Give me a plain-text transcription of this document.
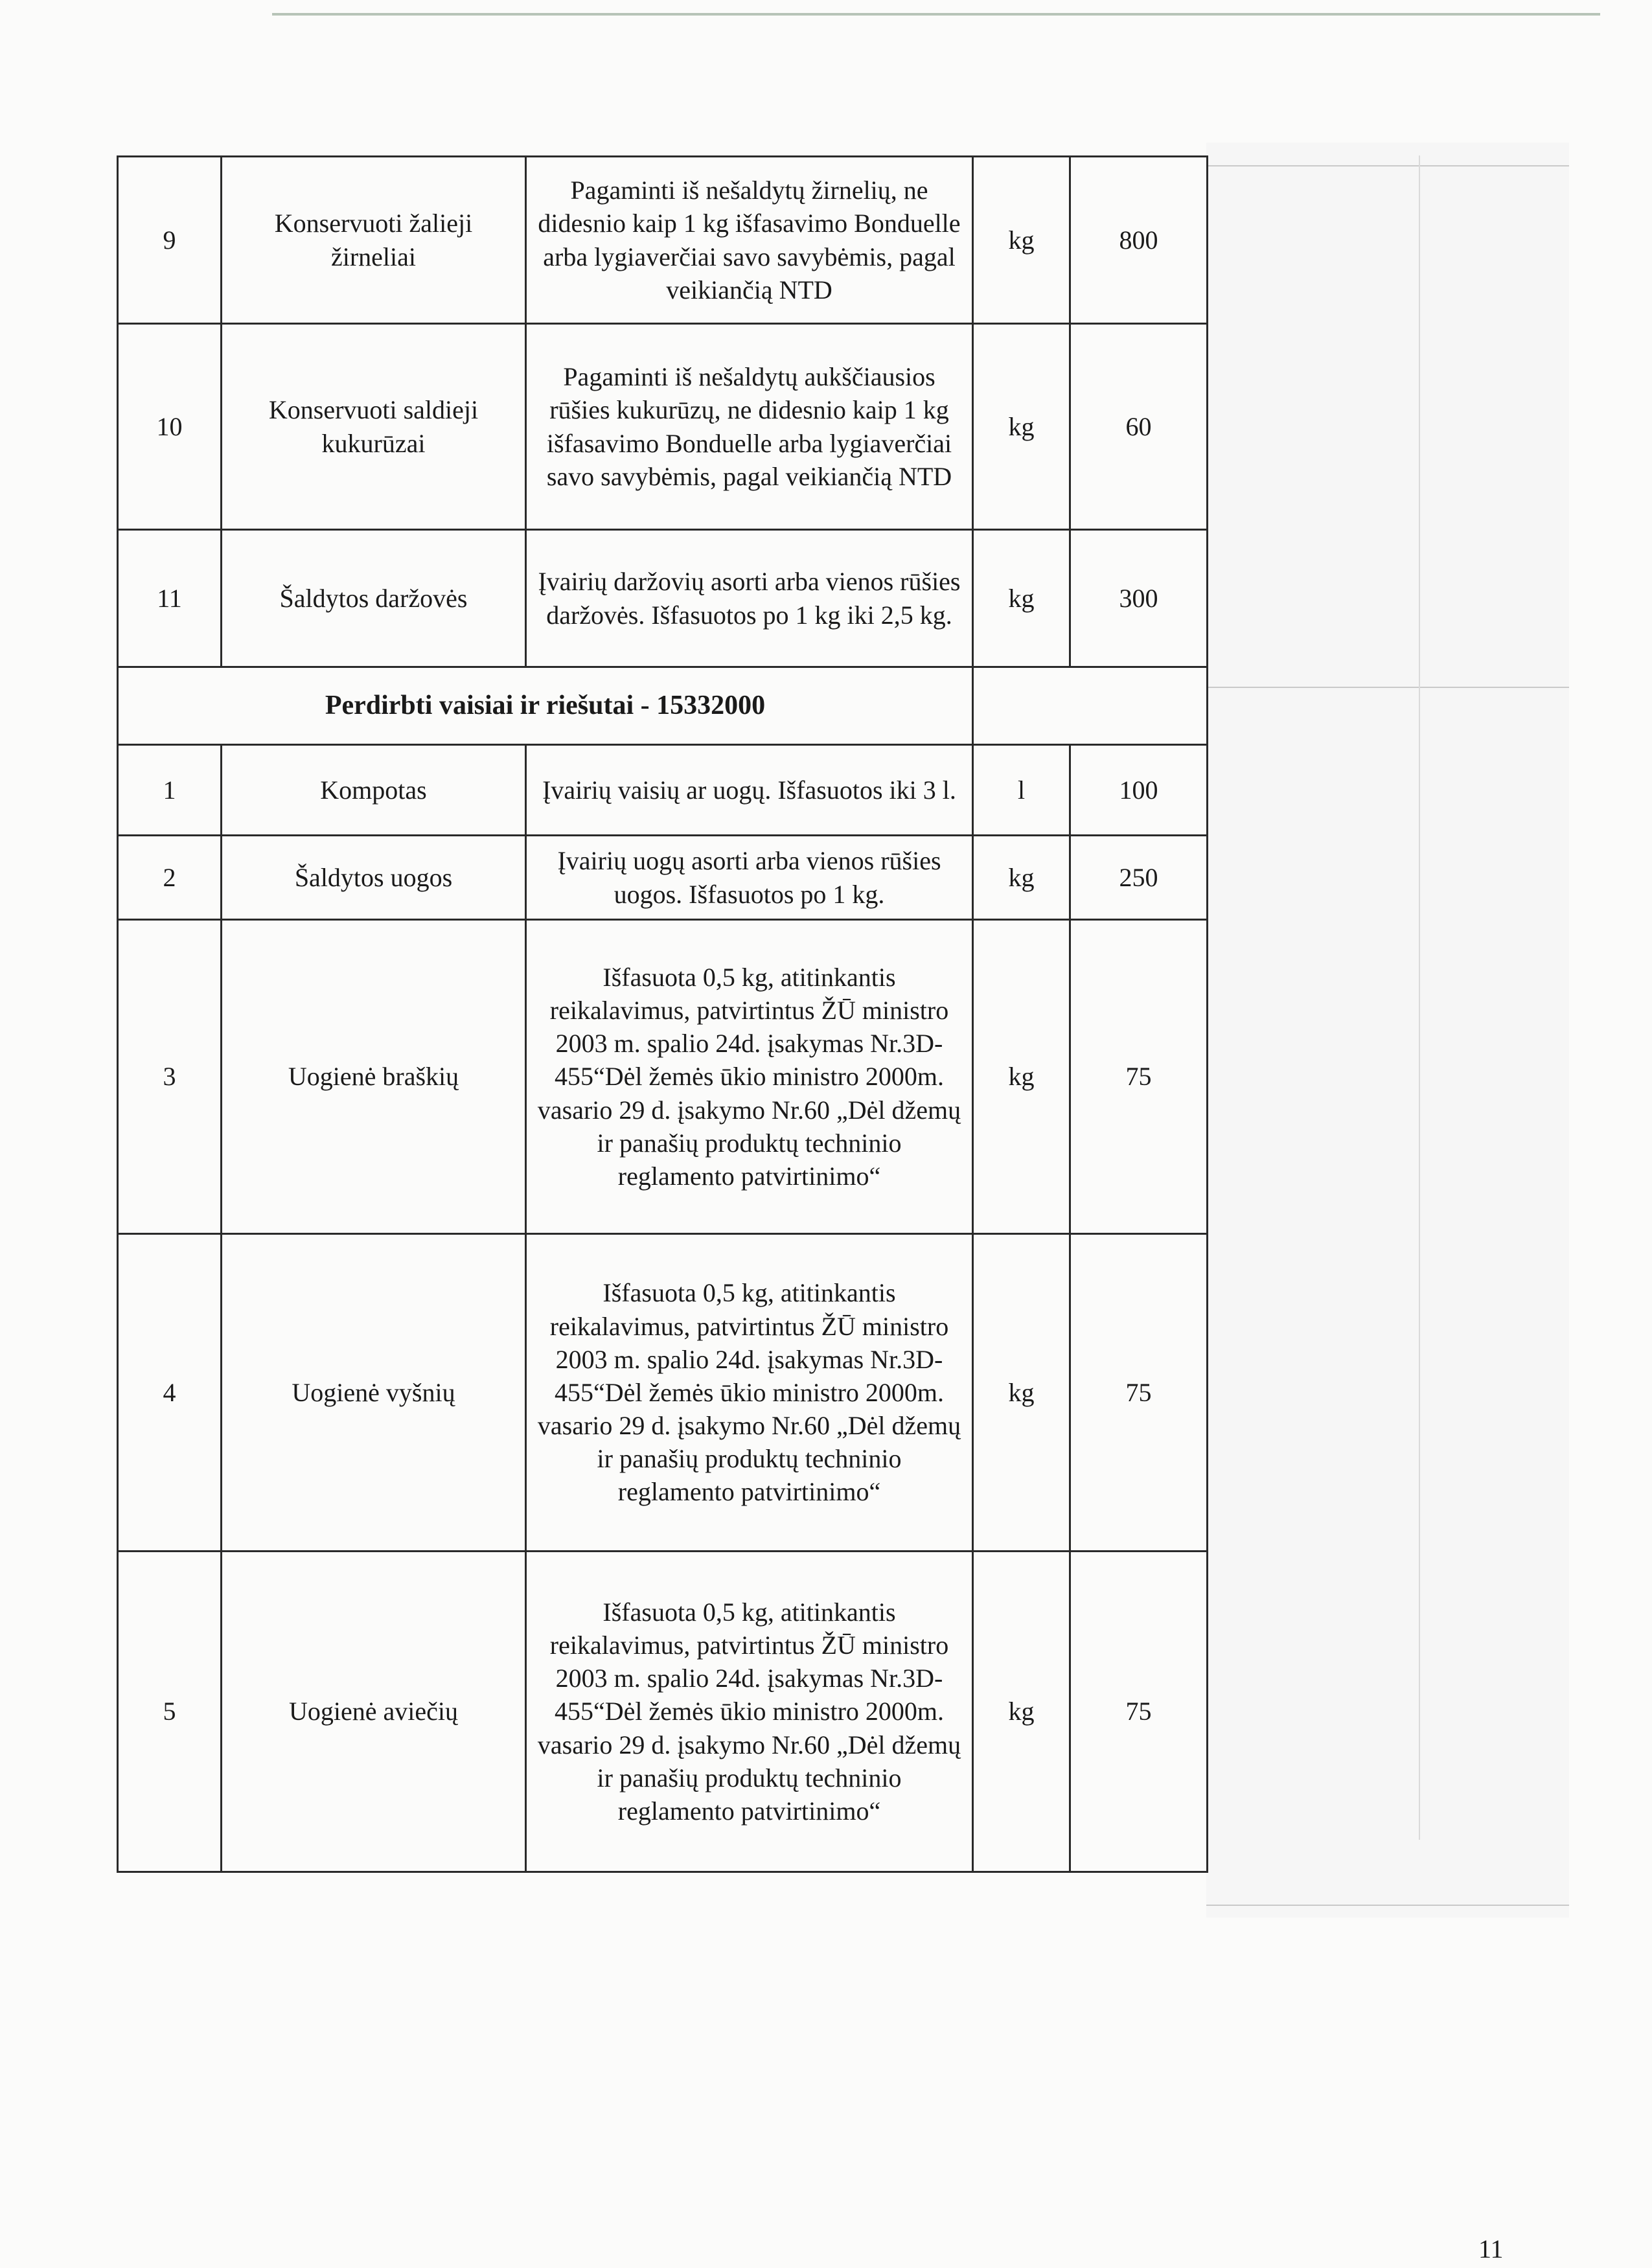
9	Konservuoti žalieji žirneliai	Pagaminti iš nešaldytų žirnelių, ne didesnio kaip 1 kg išfasavimo Bonduelle arba lygiaverčiai savo savybėmis, pagal veikiančią NTD	kg	800
10	Konservuoti saldieji kukurūzai	Pagaminti iš nešaldytų aukščiausios rūšies kukurūzų, ne didesnio kaip 1 kg išfasavimo Bonduelle arba lygiaverčiai savo savybėmis, pagal veikiančią NTD	kg	60
11	Šaldytos daržovės	Įvairių daržovių asorti arba vienos rūšies daržovės. Išfasuotos po 1 kg iki 2,5 kg.	kg	300
Perdirbti vaisiai ir riešutai - 15332000				
1	Kompotas	Įvairių vaisių ar uogų. Išfasuotos iki 3 l.	l	100
2	Šaldytos uogos	Įvairių uogų asorti arba vienos rūšies uogos. Išfasuotos po 1 kg.	kg	250
3	Uogienė braškių	Išfasuota 0,5 kg, atitinkantis reikalavimus, patvirtintus ŽŪ ministro 2003 m. spalio 24d. įsakymas Nr.3D-455“Dėl žemės ūkio ministro 2000m. vasario 29 d. įsakymo Nr.60 „Dėl džemų ir panašių produktų techninio reglamento patvirtinimo“	kg	75
4	Uogienė vyšnių	Išfasuota 0,5 kg, atitinkantis reikalavimus, patvirtintus ŽŪ ministro 2003 m. spalio 24d. įsakymas Nr.3D-455“Dėl žemės ūkio ministro 2000m. vasario 29 d. įsakymo Nr.60 „Dėl džemų ir panašių produktų techninio reglamento patvirtinimo“	kg	75
5	Uogienė aviečių	Išfasuota 0,5 kg, atitinkantis reikalavimus, patvirtintus ŽŪ ministro 2003 m. spalio 24d. įsakymas Nr.3D-455“Dėl žemės ūkio ministro 2000m. vasario 29 d. įsakymo Nr.60 „Dėl džemų ir panašių produktų techninio reglamento patvirtinimo“	kg	75
11
